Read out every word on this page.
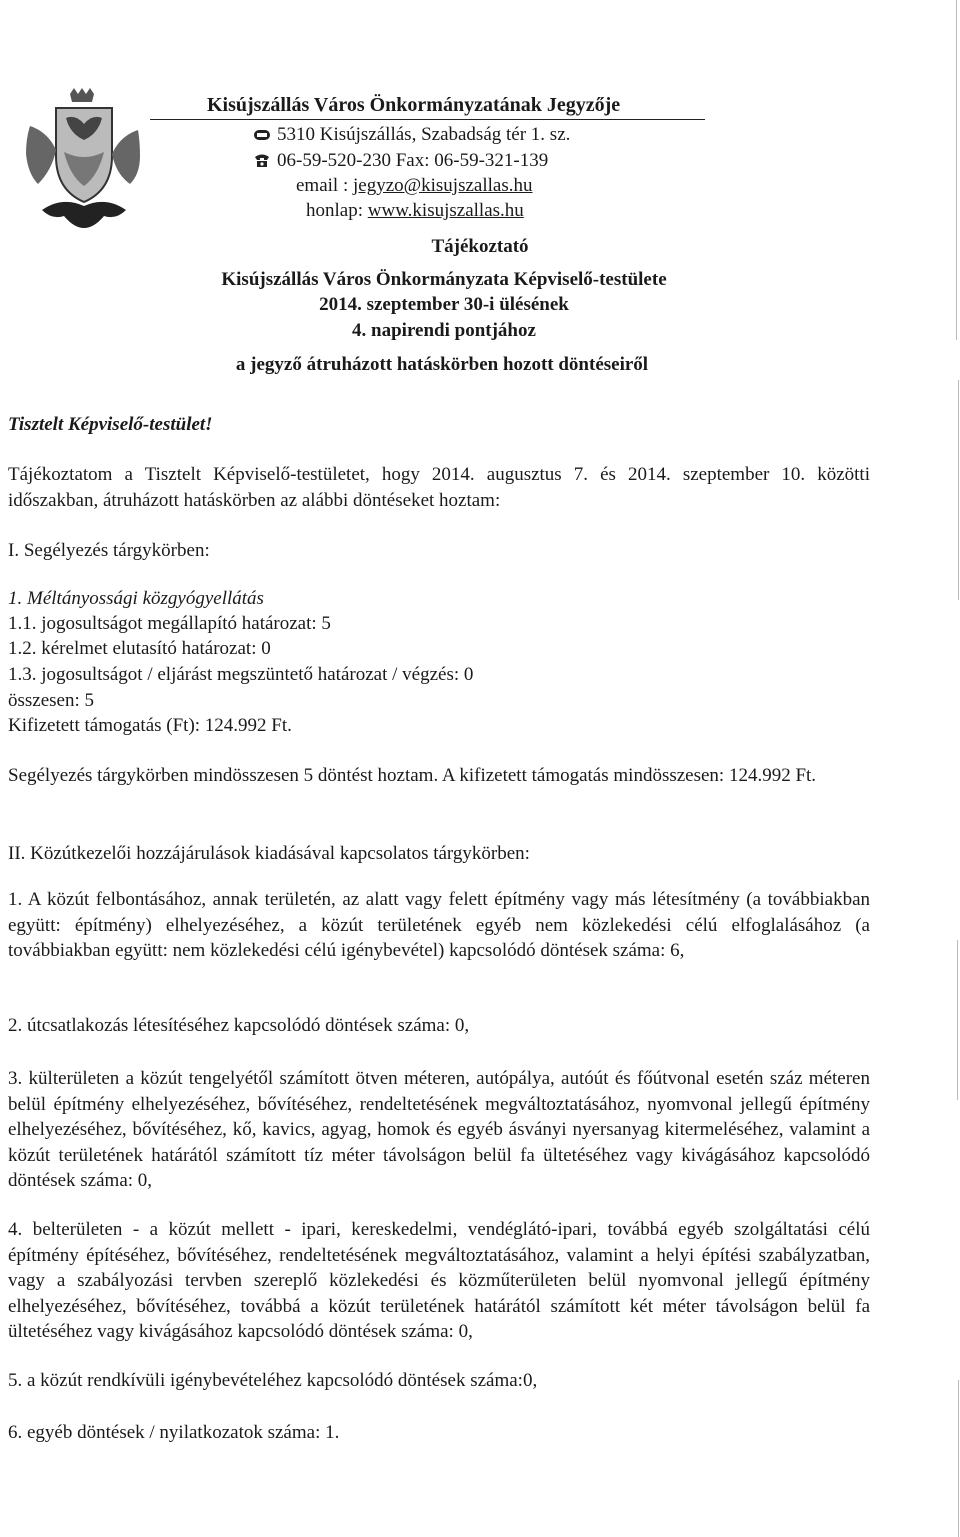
Kisújszállás Város Önkormányzatának Jegyzője
5310 Kisújszállás, Szabadság tér 1. sz.
06-59-520-230 Fax: 06-59-321-139
email : jegyzo@kisujszallas.hu
honlap: www.kisujszallas.hu
Tájékoztató
Kisújszállás Város Önkormányzata Képviselő-testülete
2014. szeptember 30-i ülésének
4. napirendi pontjához
a jegyző átruházott hatáskörben hozott döntéseiről
Tisztelt Képviselő-testület!
Tájékoztatom a Tisztelt Képviselő-testületet, hogy 2014. augusztus 7. és 2014. szeptember 10. közötti időszakban, átruházott hatáskörben az alábbi döntéseket hoztam:
I. Segélyezés tárgykörben:
1. Méltányossági közgyógyellátás
1.1. jogosultságot megállapító határozat: 5
1.2. kérelmet elutasító határozat: 0
1.3. jogosultságot / eljárást megszüntető határozat / végzés: 0
összesen: 5
Kifizetett támogatás (Ft): 124.992 Ft.
Segélyezés tárgykörben mindösszesen 5 döntést hoztam. A kifizetett támogatás mindösszesen: 124.992 Ft.
II. Közútkezelői hozzájárulások kiadásával kapcsolatos tárgykörben:
1. A közút felbontásához, annak területén, az alatt vagy felett építmény vagy más létesítmény (a továbbiakban együtt: építmény) elhelyezéséhez, a közút területének egyéb nem közlekedési célú elfoglalásához (a továbbiakban együtt: nem közlekedési célú igénybevétel) kapcsolódó döntések száma: 6,
2. útcsatlakozás létesítéséhez kapcsolódó döntések száma: 0,
3. külterületen a közút tengelyétől számított ötven méteren, autópálya, autóút és főútvonal esetén száz méteren belül építmény elhelyezéséhez, bővítéséhez, rendeltetésének megváltoztatásához, nyomvonal jellegű építmény elhelyezéséhez, bővítéséhez, kő, kavics, agyag, homok és egyéb ásványi nyersanyag kitermeléséhez, valamint a közút területének határától számított tíz méter távolságon belül fa ültetéséhez vagy kivágásához kapcsolódó döntések száma: 0,
4. belterületen - a közút mellett - ipari, kereskedelmi, vendéglátó-ipari, továbbá egyéb szolgáltatási célú építmény építéséhez, bővítéséhez, rendeltetésének megváltoztatásához, valamint a helyi építési szabályzatban, vagy a szabályozási tervben szereplő közlekedési és közműterületen belül nyomvonal jellegű építmény elhelyezéséhez, bővítéséhez, továbbá a közút területének határától számított két méter távolságon belül fa ültetéséhez vagy kivágásához kapcsolódó döntések száma: 0,
5. a közút rendkívüli igénybevételéhez kapcsolódó döntések száma:0,
6. egyéb döntések / nyilatkozatok száma: 1.
